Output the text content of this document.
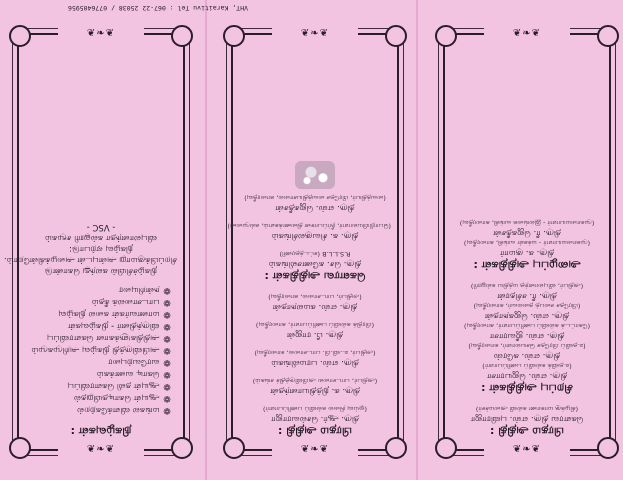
VHT, Karaitivu Tel : 067-22 25038 / 0776405956
❦❧❦
❦❧❦
நிகழ்வுகள் :
❁மங்கல விளக்கேற்றல்
❁ஆயுள் கொடிதயிறுதல்
❁ஆயுள் தலி கெளரவிப்பு
❁கொடி வணக்கம்
❁வரவேற்புரை
❁அபிவிருத்தி நிகழ்வு அறிமுகமும்
❁அதிதிகளுக்கான கெளரவிப்பு
❁விருந்தினர் - நிகழ்வுகள்
❁மாணவர்கள் கலை நிகழ்வு
❁பாடசாலைக் கீதம்
❁நன்றியுரை
நிகழ்ச்சியில் கலந்து கொண்டு
சிறப்பிக்குமாறு அன்புடன் அழைக்கின்றோம்.
நிகழ்வு ஏற்பாடு:
விபுலானந்தா கல்லூரி சமூகம்
- VSC -
❦❧❦
❦❧❦
பிரதம அதிதி :
திரு. ஆர். செல்வராஜா
(ஓய்வு நிலை கல்விப் பணிப்பாளர்)
திரு. க. நித்தியானந்தன்
(அதிபர், பாடசாலை அபிவிருத்திச் சங்கம்)
திரு. எஸ். பரமலிங்கம்
(அதிபர், உ.வி.பி. பாடசாலை, காரைதீவு)
திரு. பீ. ராஜன்
(பிரதிக் கல்விப் பணிப்பாளர், காரைதீவு)
திரு. எஸ். கமலநாதன்
(அதிபர், பாடசாலை, காரைதீவு)
கெளரவ அதிதிகள் :
திரு. செ. கணேசலிங்கம்
R.S.L.L.B (சட்டத்தரணி)
திரு. க. சிவகுலசிங்கம்
(பொறியியலாளர், நீர்ப்பாசன திணைக்களம், கல்முனை)
திரு. எஸ். ஜெகதீசன்
(வைத்தியர், பிரதேச வைத்தியசாலை, காரைதீவு)
❦❧❦
❦❧❦
பிரதம அதிதி :
கௌரவ திரு. எஸ். புவிராஜா
(கிழக்கு மாகாண கல்வி அமைச்சர்)
சிறப்பு அதிதிகள் :
திரு. எஸ். ஜெயராசா
(உதவிக் கல்விப் பணிப்பாளர்)
திரு. எஸ். சுரேஸ்
(உதவிப் பிரதேச செயலாளர், காரைதீவு)
திரு. எஸ். ஜீவராசா
(கோட்டக் கல்விப் பணிப்பாளர், காரைதீவு)
திரு. எஸ். ஜெகநாதன்
(பிரதேச சபைத் தலைவர், காரைதீவு)
திரு. ரீ. சசிதரன்
(அதிபர், விபுலானந்த மத்திய கல்லூரி)
அழைப்பு அதிதிகள் :
திரு. க. குமார்
(முகாமையாளர் - மக்கள் வங்கி, காரைதீவு)
திரு. ரீ. ஜெகதீசன்
(முகாமையாளர் - இலங்கை வங்கி, காரைதீவு)
